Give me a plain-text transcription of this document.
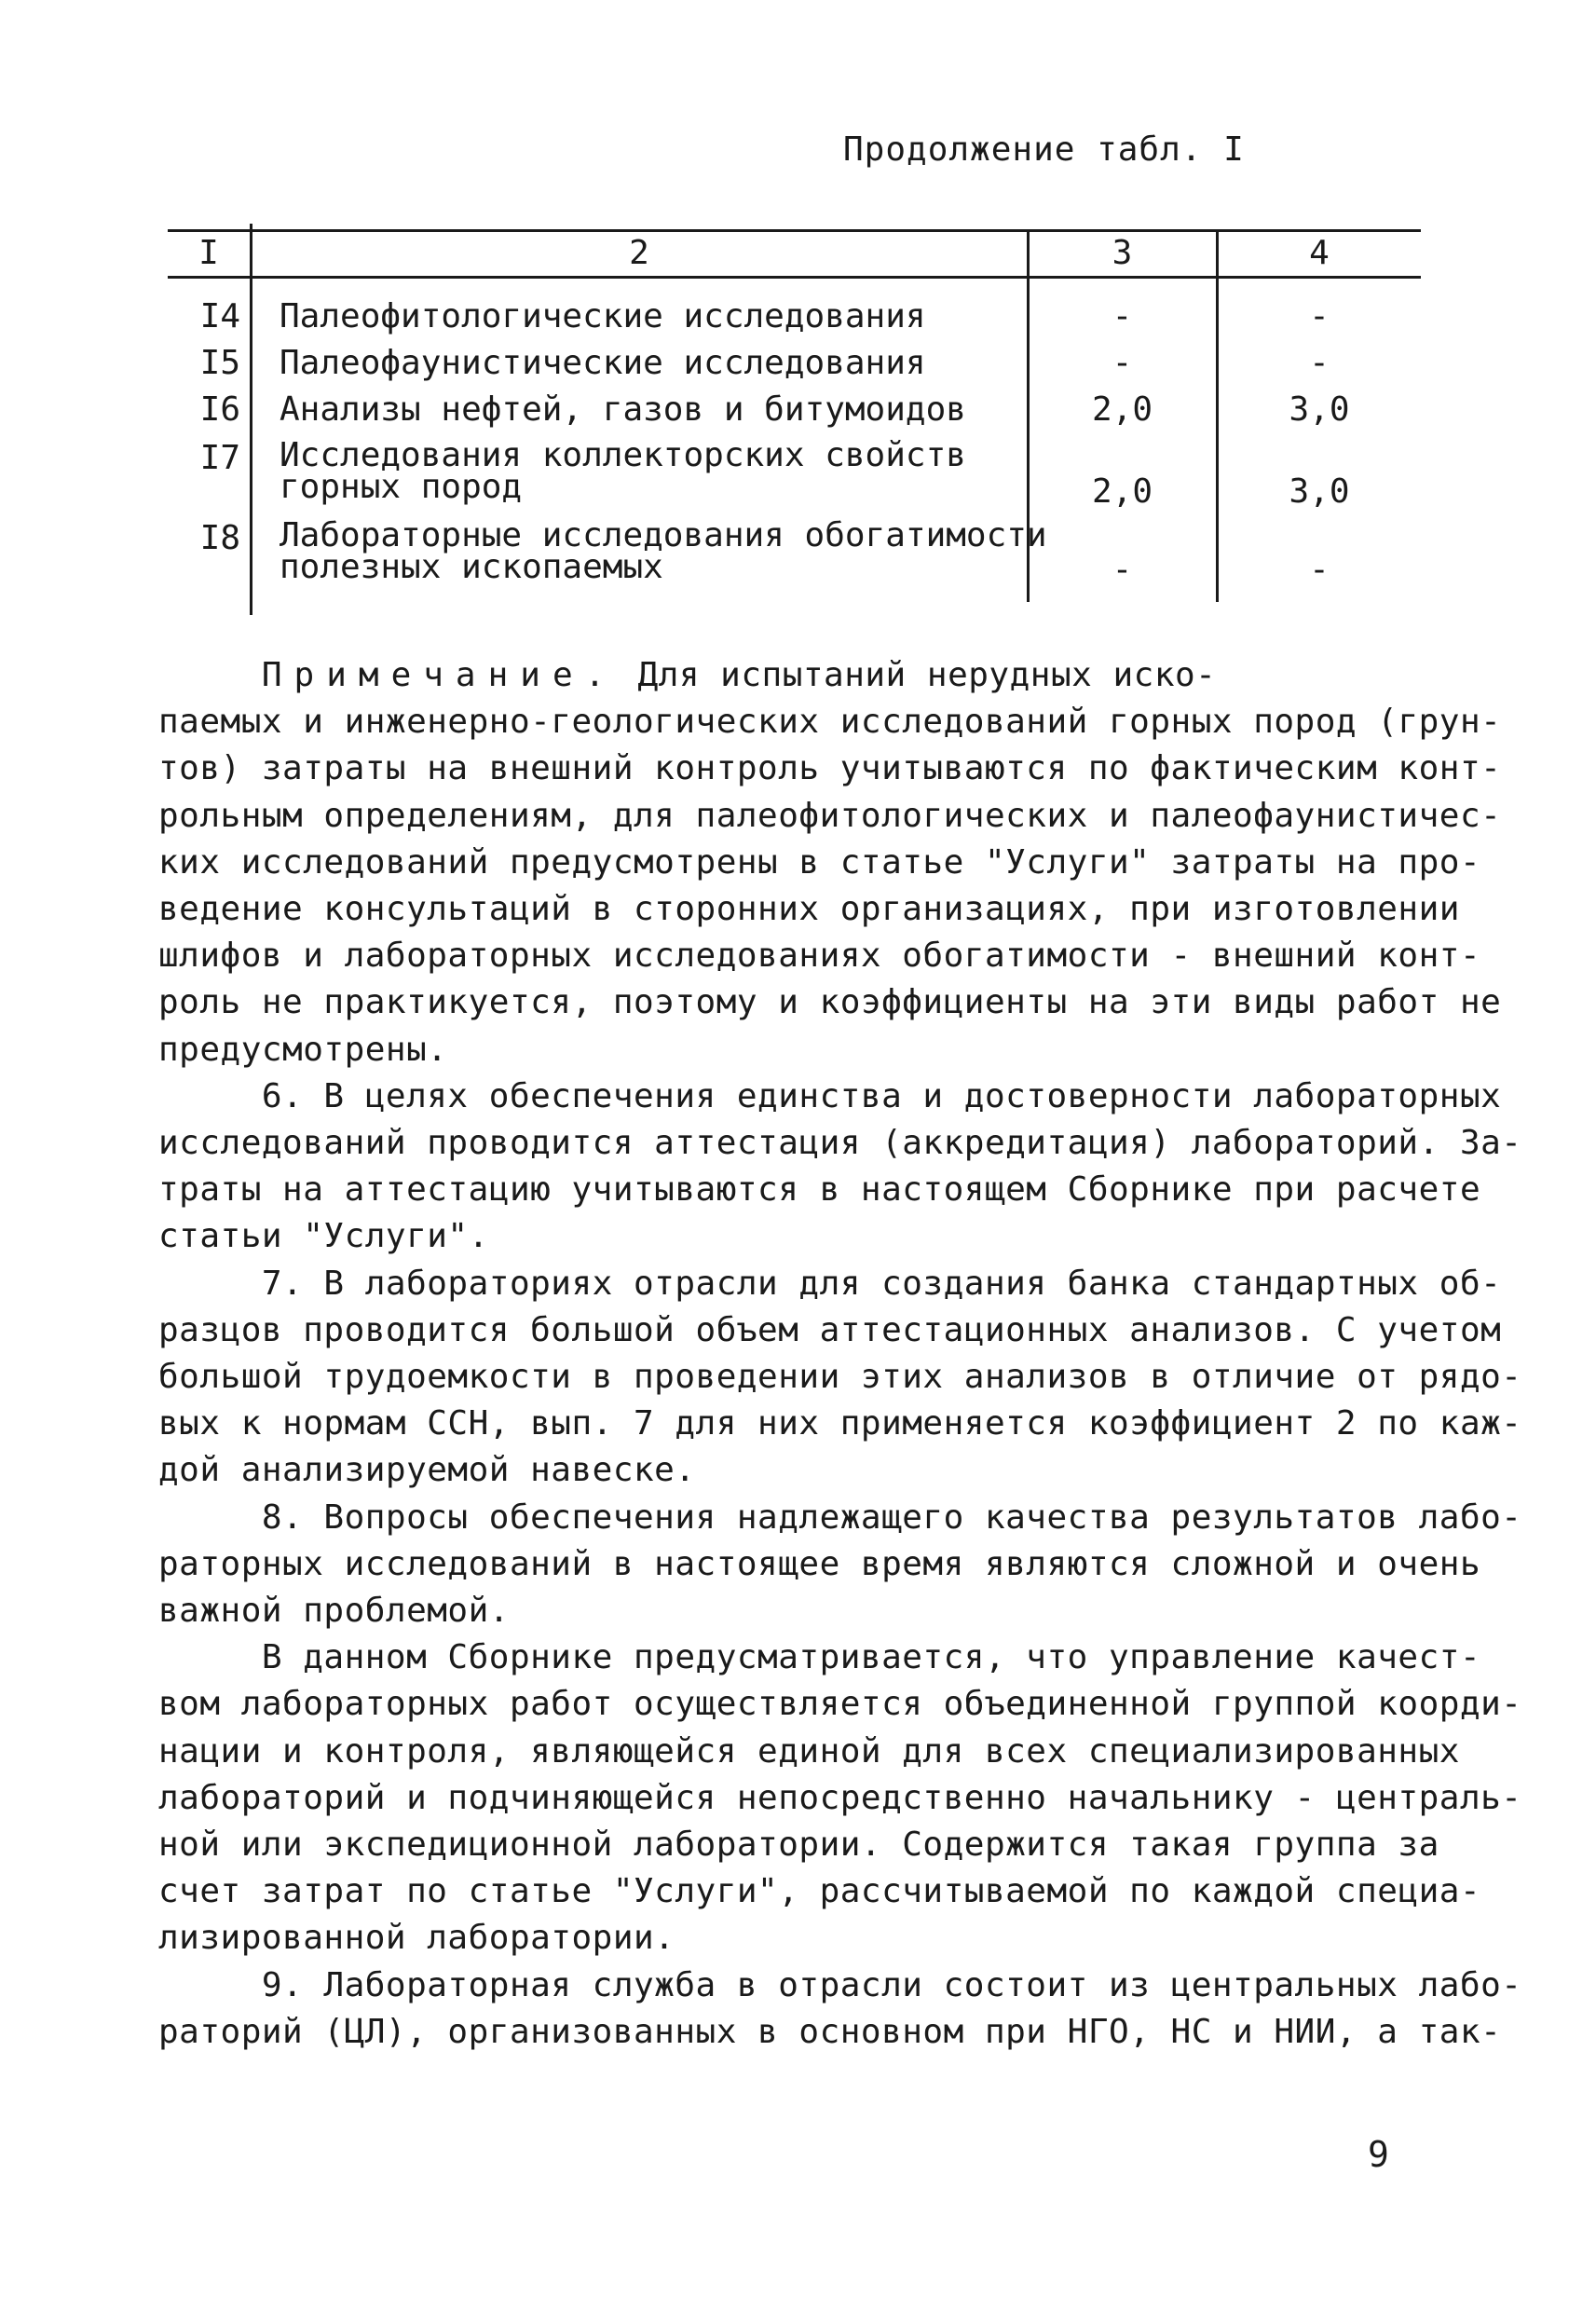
Продолжение табл. I
I	2	3	4
I4 Палеофитологические исследования	-	-
I5 Палеофаунистические исследования	-	-
I6 Анализы нефтей, газов и битумоидов	2,0	3,0
I7 Исследования коллекторских свойств
горных пород	2,0	3,0
I8 Лабораторные исследования обогатимости
полезных ископаемых	-	-

Примечание. Для испытаний нерудных иско-
паемых и инженерно-геологических исследований горных пород (грун-
тов) затраты на внешний контроль учитываются по фактическим конт-
рольным определениям, для палеофитологических и палеофаунистичес-
ких исследований предусмотрены в статье "Услуги" затраты на про-
ведение консультаций в сторонних организациях, при изготовлении
шлифов и лабораторных исследованиях обогатимости - внешний конт-
роль не практикуется, поэтому и коэффициенты на эти виды работ не
предусмотрены.

6. В целях обеспечения единства и достоверности лабораторных
исследований проводится аттестация (аккредитация) лабораторий. За-
траты на аттестацию учитываются в настоящем Сборнике при расчете
статьи "Услуги".

7. В лабораториях отрасли для создания банка стандартных об-
разцов проводится большой объем аттестационных анализов. С учетом
большой трудоемкости в проведении этих анализов в отличие от рядо-
вых к нормам ССН, вып. 7 для них применяется коэффициент 2 по каж-
дой анализируемой навеске.

8. Вопросы обеспечения надлежащего качества результатов лабо-
раторных исследований в настоящее время являются сложной и очень
важной проблемой.

В данном Сборнике предусматривается, что управление качест-
вом лабораторных работ осуществляется объединенной группой коорди-
нации и контроля, являющейся единой для всех специализированных
лабораторий и подчиняющейся непосредственно начальнику - централь-
ной или экспедиционной лаборатории. Содержится такая группа за
счет затрат по статье "Услуги", рассчитываемой по каждой специа-
лизированной лаборатории.

9. Лабораторная служба в отрасли состоит из центральных лабо-
раторий (ЦЛ), организованных в основном при НГО, НС и НИИ, а так-

9
